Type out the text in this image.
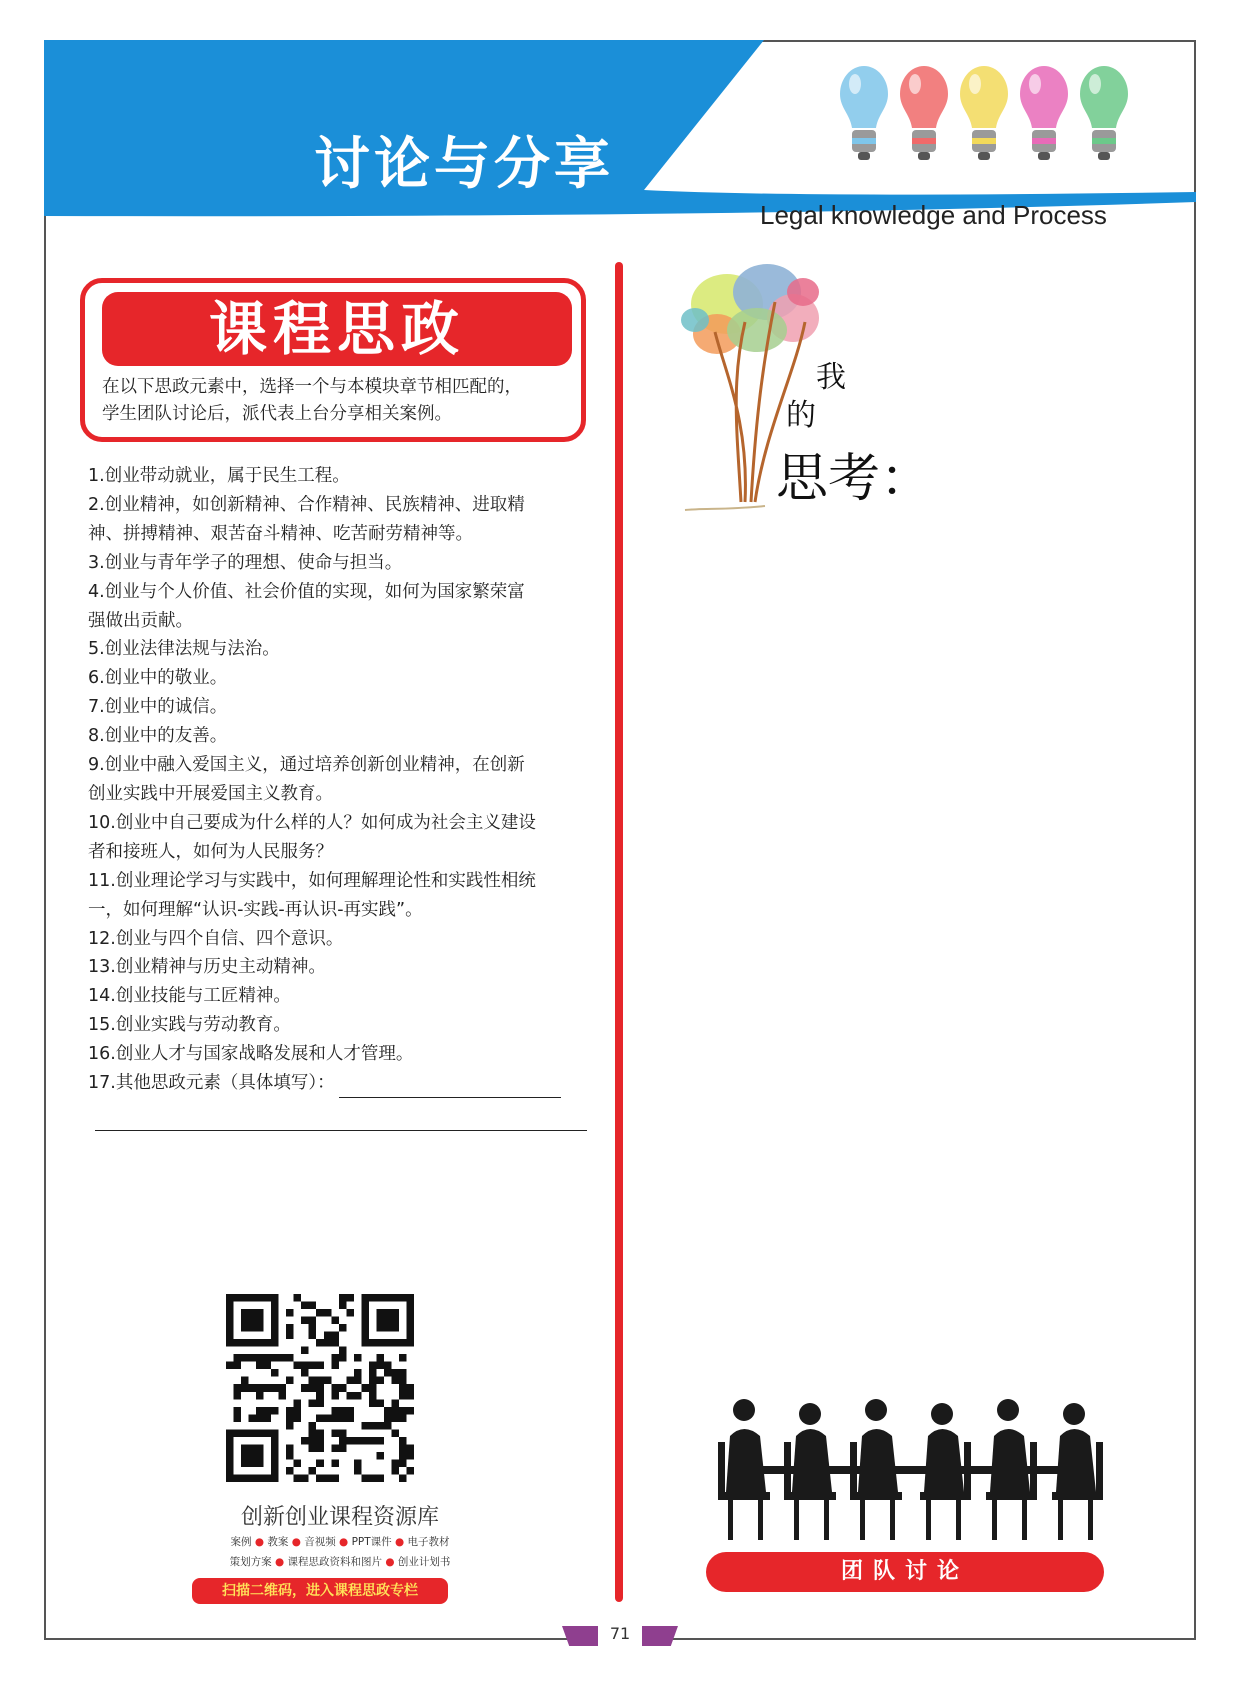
讨论与分享
Legal knowledge and Process
课程思政
在以下思政元素中，选择一个与本模块章节相匹配的，
学生团队讨论后，派代表上台分享相关案例。
1.创业带动就业，属于民生工程。
2.创业精神，如创新精神、合作精神、民族精神、进取精
神、拼搏精神、艰苦奋斗精神、吃苦耐劳精神等。
3.创业与青年学子的理想、使命与担当。
4.创业与个人价值、社会价值的实现，如何为国家繁荣富
强做出贡献。
5.创业法律法规与法治。
6.创业中的敬业。
7.创业中的诚信。
8.创业中的友善。
9.创业中融入爱国主义，通过培养创新创业精神，在创新
创业实践中开展爱国主义教育。
10.创业中自己要成为什么样的人？如何成为社会主义建设
者和接班人，如何为人民服务？
11.创业理论学习与实践中，如何理解理论性和实践性相统
一，如何理解“认识-实践-再认识-再实践”。
12.创业与四个自信、四个意识。
13.创业精神与历史主动精神。
14.创业技能与工匠精神。
15.创业实践与劳动教育。
16.创业人才与国家战略发展和人才管理。
17.其他思政元素（具体填写）：
创新创业课程资源库
案例 ● 教案 ● 音视频 ● PPT课件 ● 电子教材
策划方案 ● 课程思政资料和图片 ● 创业计划书
扫描二维码，进入课程思政专栏
我
的
思考：
团队讨论
71
